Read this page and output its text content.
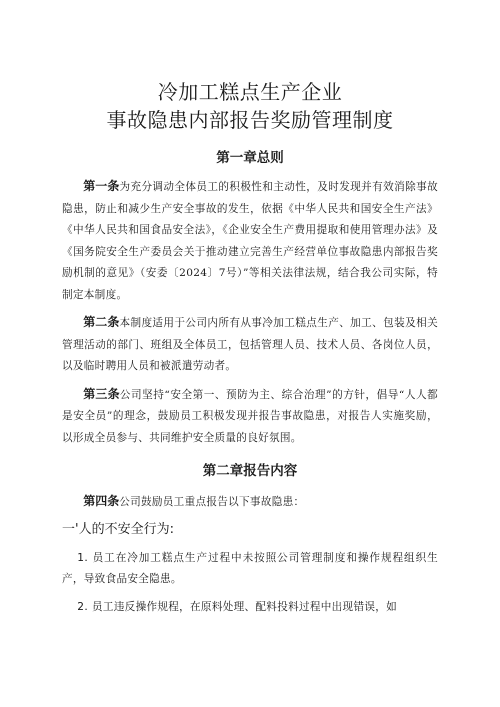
冷加工糕点生产企业
事故隐患内部报告奖励管理制度
第一章总则

第一条为充分调动全体员工的积极性和主动性，及时发现并有效消除事故隐患，防止和减少生产安全事故的发生，依据《中华人民共和国安全生产法》《中华人民共和国食品安全法》，《企业安全生产费用提取和使用管理办法》及《国务院安全生产委员会关于推动建立完善生产经营单位事故隐患内部报告奖励机制的意见》（安委〔2024〕7号）”等相关法律法规，结合我公司实际，特制定本制度。

第二条本制度适用于公司内所有从事冷加工糕点生产、加工、包装及相关管理活动的部门、班组及全体员工，包括管理人员、技术人员、各岗位人员，以及临时聘用人员和被派遣劳动者。

第三条公司坚持“安全第一、预防为主、综合治理”的方针，倡导“人人都是安全员”的理念，鼓励员工积极发现并报告事故隐患，对报告人实施奖励，以形成全员参与、共同维护安全质量的良好氛围。

第二章报告内容

第四条公司鼓励员工重点报告以下事故隐患：

一'人的不安全行为:

1. 员工在冷加工糕点生产过程中未按照公司管理制度和操作规程组织生产，导致食品安全隐患。

2. 员工违反操作规程，在原料处理、配料投料过程中出现错误，如
